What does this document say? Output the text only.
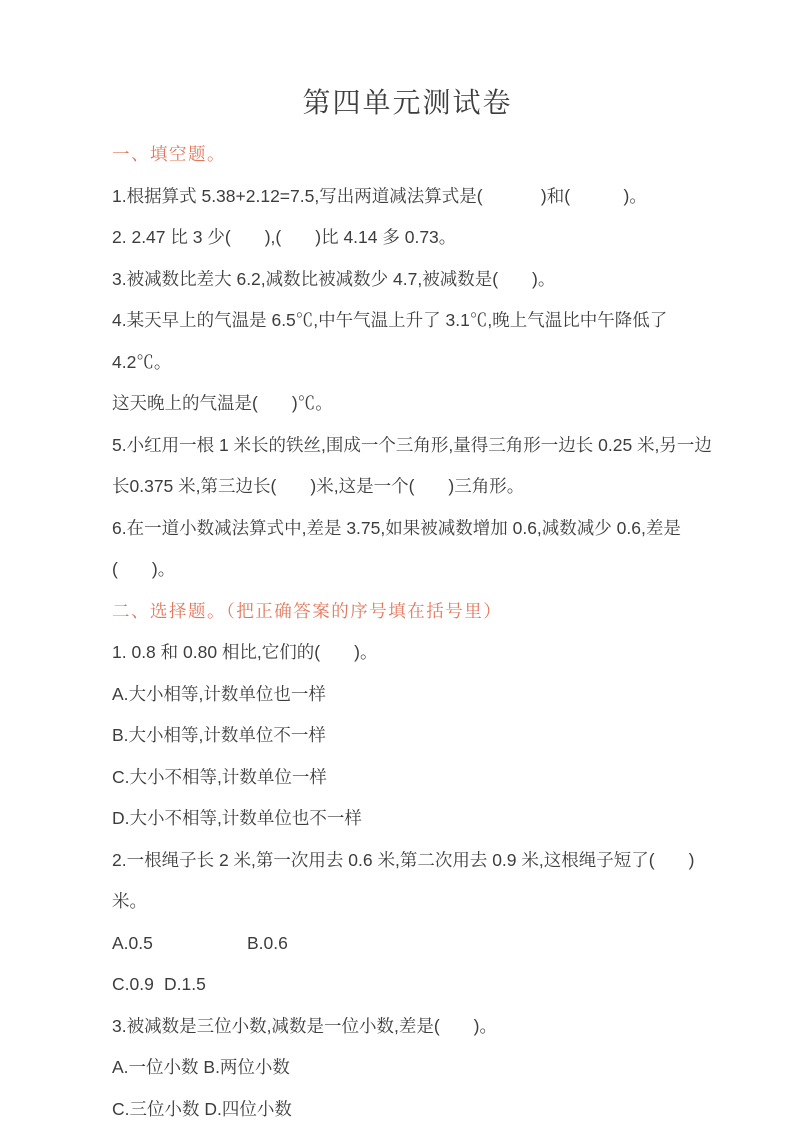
第四单元测试卷
一、填空题。
1.根据算式 5.38+2.12=7.5,写出两道减法算式是(            )和(           )。
2. 2.47 比 3 少(       ),(       )比 4.14 多 0.73。
3.被减数比差大 6.2,减数比被减数少 4.7,被减数是(       )。
4.某天早上的气温是 6.5℃,中午气温上升了 3.1℃,晚上气温比中午降低了 4.2℃。
这天晚上的气温是(       )℃。
5.小红用一根 1 米长的铁丝,围成一个三角形,量得三角形一边长 0.25 米,另一边
长0.375 米,第三边长(       )米,这是一个(       )三角形。
6.在一道小数减法算式中,差是 3.75,如果被减数增加 0.6,减数减少 0.6,差是
(       )。
二、选择题。（把正确答案的序号填在括号里）
1. 0.8 和 0.80 相比,它们的(       )。
A.大小相等,计数单位也一样
B.大小相等,计数单位不一样
C.大小不相等,计数单位一样
D.大小不相等,计数单位也不一样
2.一根绳子长 2 米,第一次用去 0.6 米,第二次用去 0.9 米,这根绳子短了(       )米。
A.0.5	B.0.6
C.0.9 D.1.5
3.被减数是三位小数,减数是一位小数,差是(       )。
A.一位小数 B.两位小数
C.三位小数 D.四位小数
